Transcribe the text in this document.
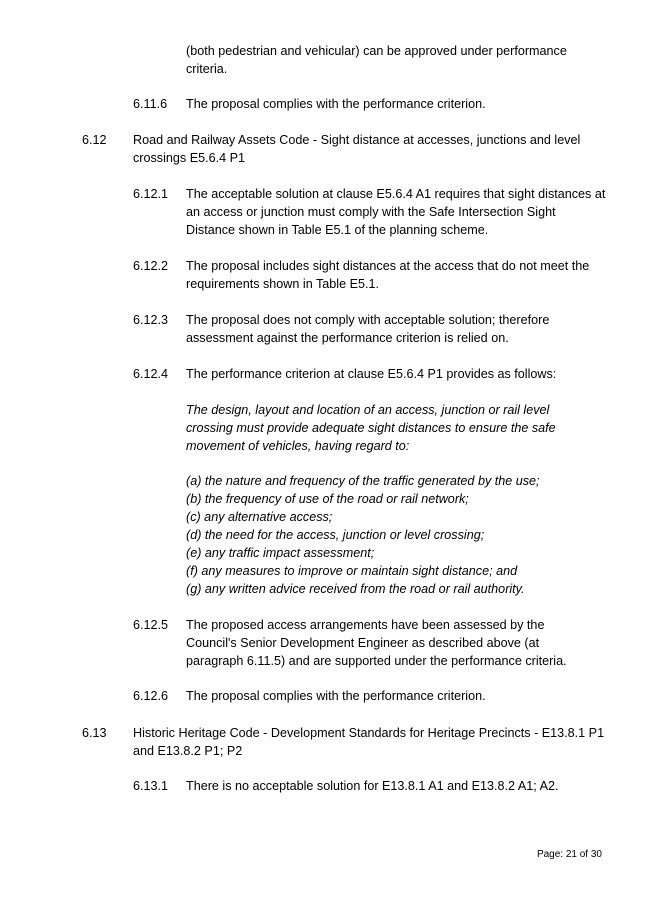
(both pedestrian and vehicular) can be approved under performance criteria.

6.11.6 The proposal complies with the performance criterion.

6.12 Road and Railway Assets Code - Sight distance at accesses, junctions and level crossings E5.6.4 P1

6.12.1 The acceptable solution at clause E5.6.4 A1 requires that sight distances at an access or junction must comply with the Safe Intersection Sight Distance shown in Table E5.1 of the planning scheme.

6.12.2 The proposal includes sight distances at the access that do not meet the requirements shown in Table E5.1.

6.12.3 The proposal does not comply with acceptable solution; therefore assessment against the performance criterion is relied on.

6.12.4 The performance criterion at clause E5.6.4 P1 provides as follows:

The design, layout and location of an access, junction or rail level crossing must provide adequate sight distances to ensure the safe movement of vehicles, having regard to:

(a) the nature and frequency of the traffic generated by the use;
(b) the frequency of use of the road or rail network;
(c) any alternative access;
(d) the need for the access, junction or level crossing;
(e) any traffic impact assessment;
(f) any measures to improve or maintain sight distance; and
(g) any written advice received from the road or rail authority.
6.12.5 The proposed access arrangements have been assessed by the Council's Senior Development Engineer as described above (at paragraph 6.11.5) and are supported under the performance criteria.

6.12.6 The proposal complies with the performance criterion.

6.13 Historic Heritage Code - Development Standards for Heritage Precincts - E13.8.1 P1 and E13.8.2 P1; P2

6.13.1 There is no acceptable solution for E13.8.1 A1 and E13.8.2 A1; A2.

Page: 21 of 30
